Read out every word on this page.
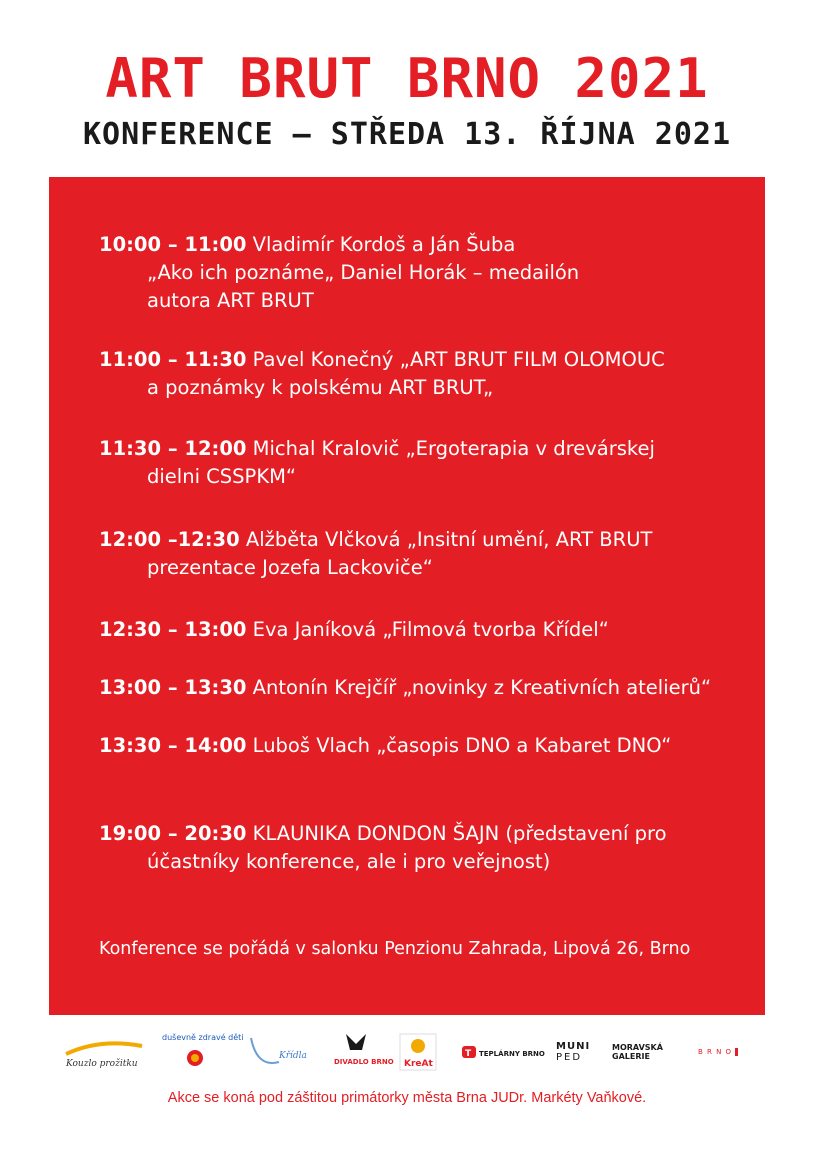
ART BRUT BRNO 2021
KONFERENCE — STŘEDA 13. ŘÍJNA 2021
10:00 – 11:00 Vladimír Kordoš a Ján Šuba
„Ako ich poznáme„ Daniel Horák – medailón
autora ART BRUT
11:00 – 11:30 Pavel Konečný „ART BRUT FILM OLOMOUC
a poznámky k polskému ART BRUT„
11:30 – 12:00 Michal Kralovič „Ergoterapia v drevárskej
dielni CSSPKM“
12:00 –12:30 Alžběta Vlčková „Insitní umění, ART BRUT
prezentace Jozefa Lackoviče“
12:30 – 13:00 Eva Janíková „Filmová tvorba Křídel“
13:00 – 13:30 Antonín Krejčíř „novinky z Kreativních atelierů“
13:30 – 14:00 Luboš Vlach „časopis DNO a Kabaret DNO“
19:00 – 20:30 KLAUNIKA DONDON ŠAJN (představení pro
účastníky konference, ale i pro veřejnost)
Konference se pořádá v salonku Penzionu Zahrada, Lipová 26, Brno
Kouzlo prožitku
duševně zdravé děti
Křídla
DIVADLO BRNO KreAt
T TEPLÁRNY BRNO
MUNI
PED
MORAVSKÁ
GALERIE	B R N O
Akce se koná pod záštitou primátorky města Brna JUDr. Markéty Vaňkové.
